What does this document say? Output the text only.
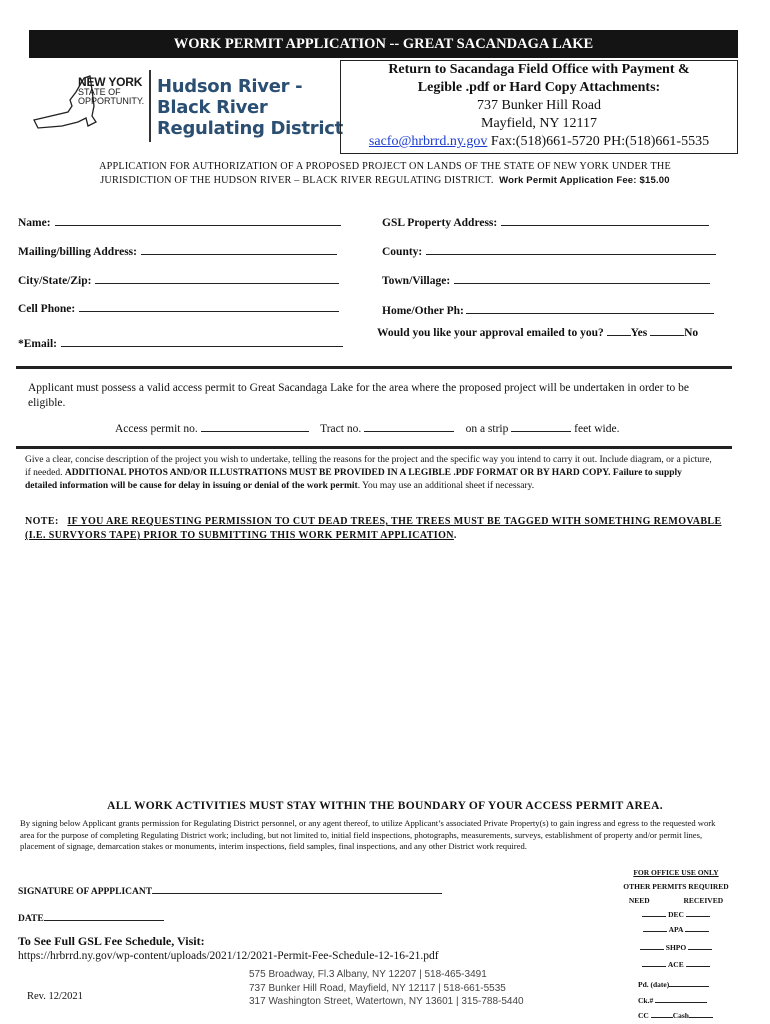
WORK PERMIT APPLICATION -- GREAT SACANDAGA LAKE
NEW YORK
STATE OF
OPPORTUNITY.
Hudson River -
Black River
Regulating District
Return to Sacandaga Field Office with Payment &
Legible .pdf or Hard Copy Attachments:
737 Bunker Hill Road
Mayfield, NY 12117
sacfo@hrbrrd.ny.gov Fax:(518)661-5720 PH:(518)661-5535
APPLICATION FOR AUTHORIZATION OF A PROPOSED PROJECT ON LANDS OF THE STATE OF NEW YORK UNDER THE
JURISDICTION OF THE HUDSON RIVER – BLACK RIVER REGULATING DISTRICT. Work Permit Application Fee: $15.00
Name:
Mailing/billing Address:
City/State/Zip:
Cell Phone:
*Email:
GSL Property Address:
County:
Town/Village:
Home/Other Ph:
Would you like your approval emailed to you? Yes	No
Applicant must possess a valid access permit to Great Sacandaga Lake for the area where the proposed project will be undertaken in order to be eligible.
Access permit no.	Tract no.	on a strip	feet wide.
Give a clear, concise description of the project you wish to undertake, telling the reasons for the project and the specific way you intend to carry it out. Include diagram, or a picture, if needed. ADDITIONAL PHOTOS AND/OR ILLUSTRATIONS MUST BE PROVIDED IN A LEGIBLE .PDF FORMAT OR BY HARD COPY. Failure to supply detailed information will be cause for delay in issuing or denial of the work permit. You may use an additional sheet if necessary.
NOTE: IF YOU ARE REQUESTING PERMISSION TO CUT DEAD TREES, THE TREES MUST BE TAGGED WITH SOMETHING REMOVABLE (I.E. SURVYORS TAPE) PRIOR TO SUBMITTING THIS WORK PERMIT APPLICATION.
ALL WORK ACTIVITIES MUST STAY WITHIN THE BOUNDARY OF YOUR ACCESS PERMIT AREA.
By signing below Applicant grants permission for Regulating District personnel, or any agent thereof, to utilize Applicant’s associated Private Property(s) to gain ingress and egress to the requested work area for the purpose of completing Regulating District work; including, but not limited to, initial field inspections, photographs, measurements, surveys, establishment of property and/or permit lines, placement of signage, demarcation stakes or monuments, interim inspections, field samples, final inspections, and any other District work required.
SIGNATURE OF APPPLICANT
DATE
To See Full GSL Fee Schedule, Visit:
https://hrbrrd.ny.gov/wp-content/uploads/2021/12/2021-Permit-Fee-Schedule-12-16-21.pdf
Rev. 12/2021
575 Broadway, Fl.3 Albany, NY 12207 | 518-465-3491
737 Bunker Hill Road, Mayfield, NY 12117 | 518-661-5535
317 Washington Street, Watertown, NY 13601 | 315-788-5440
FOR OFFICE USE ONLY
OTHER PERMITS REQUIRED
NEED	RECEIVED
DEC
APA
SHPO
ACE
Pd. (date)
Ck.#
CC	Cash
